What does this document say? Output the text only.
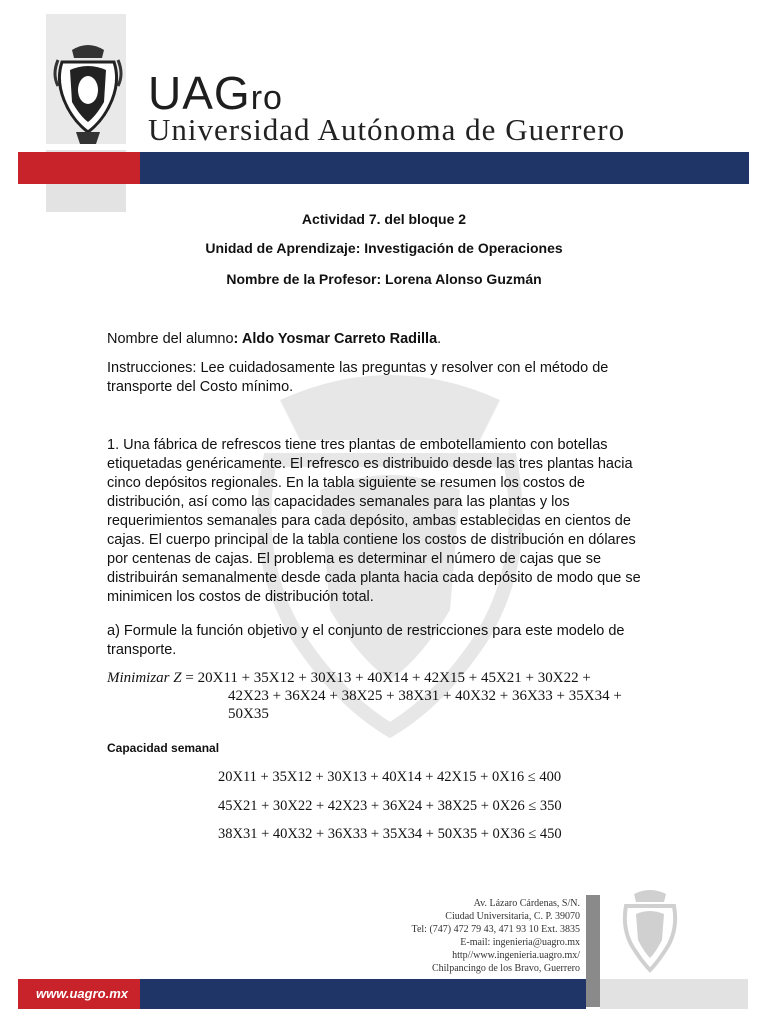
UAGro
Universidad Autónoma de Guerrero
Actividad 7. del bloque 2
Unidad de Aprendizaje: Investigación de Operaciones
Nombre de la Profesor: Lorena Alonso Guzmán
Nombre del alumno: Aldo Yosmar Carreto Radilla.
Instrucciones: Lee cuidadosamente las preguntas y resolver con el método de transporte del Costo mínimo.
1. Una fábrica de refrescos tiene tres plantas de embotellamiento con botellas etiquetadas genéricamente. El refresco es distribuido desde las tres plantas hacia cinco depósitos regionales. En la tabla siguiente se resumen los costos de distribución, así como las capacidades semanales para las plantas y los requerimientos semanales para cada depósito, ambas establecidas en cientos de cajas. El cuerpo principal de la tabla contiene los costos de distribución en dólares por centenas de cajas. El problema es determinar el número de cajas que se distribuirán semanalmente desde cada planta hacia cada depósito de modo que se minimicen los costos de distribución total.
a) Formule la función objetivo y el conjunto de restricciones para este modelo de transporte.
Minimizar Z = 20X11 + 35X12 + 30X13 + 40X14 + 42X15 + 45X21 + 30X22 +
42X23 + 36X24 + 38X25 + 38X31 + 40X32 + 36X33 + 35X34 +
50X35
Capacidad semanal
20X11 + 35X12 + 30X13 + 40X14 + 42X15 + 0X16 ≤ 400
45X21 + 30X22 + 42X23 + 36X24 + 38X25 + 0X26 ≤ 350
38X31 + 40X32 + 36X33 + 35X34 + 50X35 + 0X36 ≤ 450
Av. Lázaro Cárdenas, S/N.
Ciudad Universitaria, C. P. 39070
Tel: (747) 472 79 43, 471 93 10 Ext. 3835
E-mail: ingenieria@uagro.mx
http//www.ingenieria.uagro.mx/
Chilpancingo de los Bravo, Guerrero
www.uagro.mx
